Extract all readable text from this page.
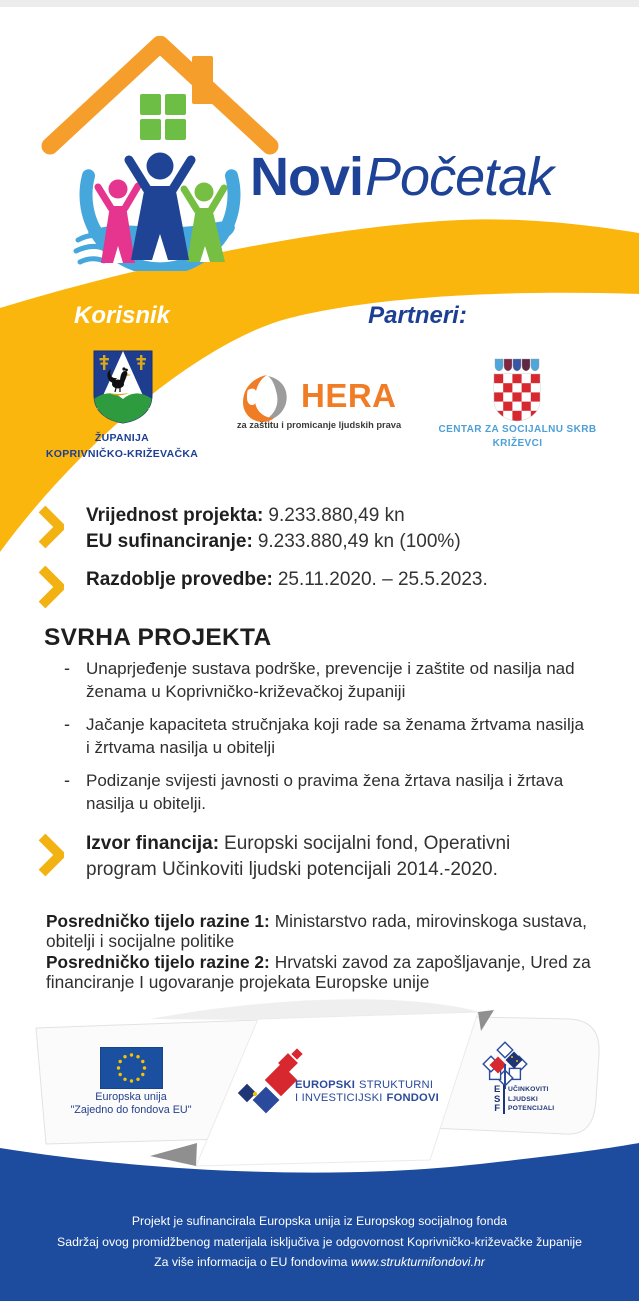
NoviPočetak
Korisnik	Partneri:
ŽUPANIJA
KOPRIVNIČKO-KRIŽEVAČKA
HERA
za zaštitu i promicanje ljudskih prava	CENTAR ZA SOCIJALNU SKRB
KRIŽEVCI
Vrijednost projekta: 9.233.880,49 kn
EU sufinanciranje: 9.233.880,49 kn (100%)
Razdoblje provedbe: 25.11.2020. – 25.5.2023.
SVRHA PROJEKTA
- Unaprjeđenje sustava podrške, prevencije i zaštite od nasilja nad ženama u Koprivničko-križevačkoj županiji
- Jačanje kapaciteta stručnjaka koji rade sa ženama žrtvama nasilja i žrtvama nasilja u obitelji
- Podizanje svijesti javnosti o pravima žena žrtava nasilja i žrtava nasilja u obitelji.
Izvor financija: Europski socijalni fond, Operativni program Učinkoviti ljudski potencijali 2014.-2020.

Posredničko tijelo razine 1: Ministarstvo rada, mirovinskoga sustava, obitelji i socijalne politike

Posredničko tijelo razine 2: Hrvatski zavod za zapošljavanje, Ured za financiranje I ugovaranje projekata Europske unije

Europska unija
"Zajedno do fondova EU"
EUROPSKI STRUKTURNI
I INVESTICIJSKI FONDOVI
E
S
F
UČINKOVITI
LJUDSKI
POTENCIJALI
Projekt je sufinancirala Europska unija iz Europskog socijalnog fonda
Sadržaj ovog promidžbenog materijala isključiva je odgovornost Koprivničko-križevačke županije
Za više informacija o EU fondovima www.strukturnifondovi.hr
